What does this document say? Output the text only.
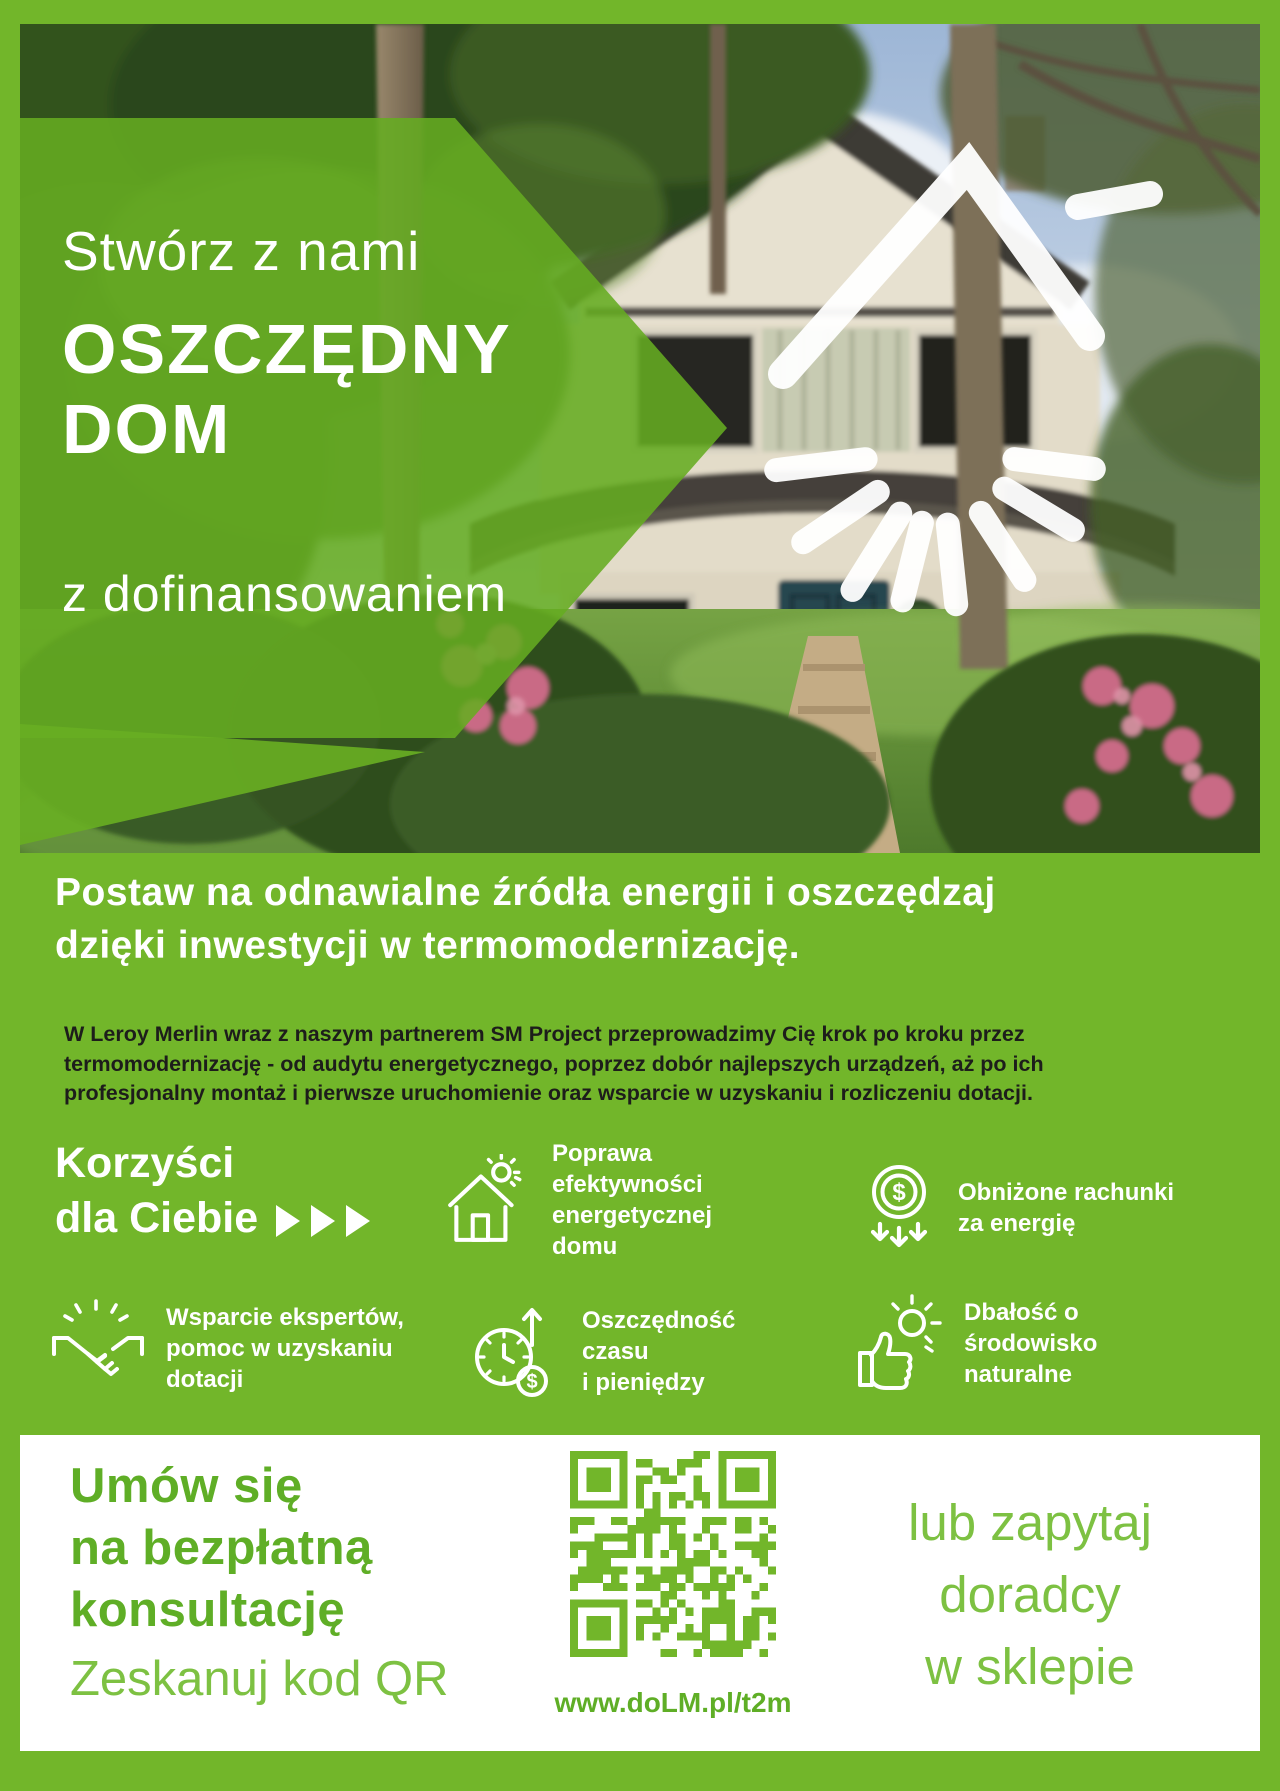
Stwórz z nami
OSZCZĘDNY
DOM
z dofinansowaniem
Postaw na odnawialne źródła energii i oszczędzaj
dzięki inwestycji w termomodernizację.
W Leroy Merlin wraz z naszym partnerem SM Project przeprowadzimy Cię krok po kroku przez
termomodernizację - od audytu energetycznego, poprzez dobór najlepszych urządzeń, aż po ich
profesjonalny montaż i pierwsze uruchomienie oraz wsparcie w uzyskaniu i rozliczeniu dotacji.
Korzyści
dla Ciebie
Poprawa efektywności
energetycznej domu
$ Obniżone rachunki
za energię
Wsparcie ekspertów,
pomoc w uzyskaniu
dotacji	$
Oszczędność czasu
i pieniędzy
Dbałość o środowisko
naturalne
Umów się
na bezpłatną
konsultację
Zeskanuj kod QR	www.doLM.pl/t2m
lub zapytaj
doradcy
w sklepie
